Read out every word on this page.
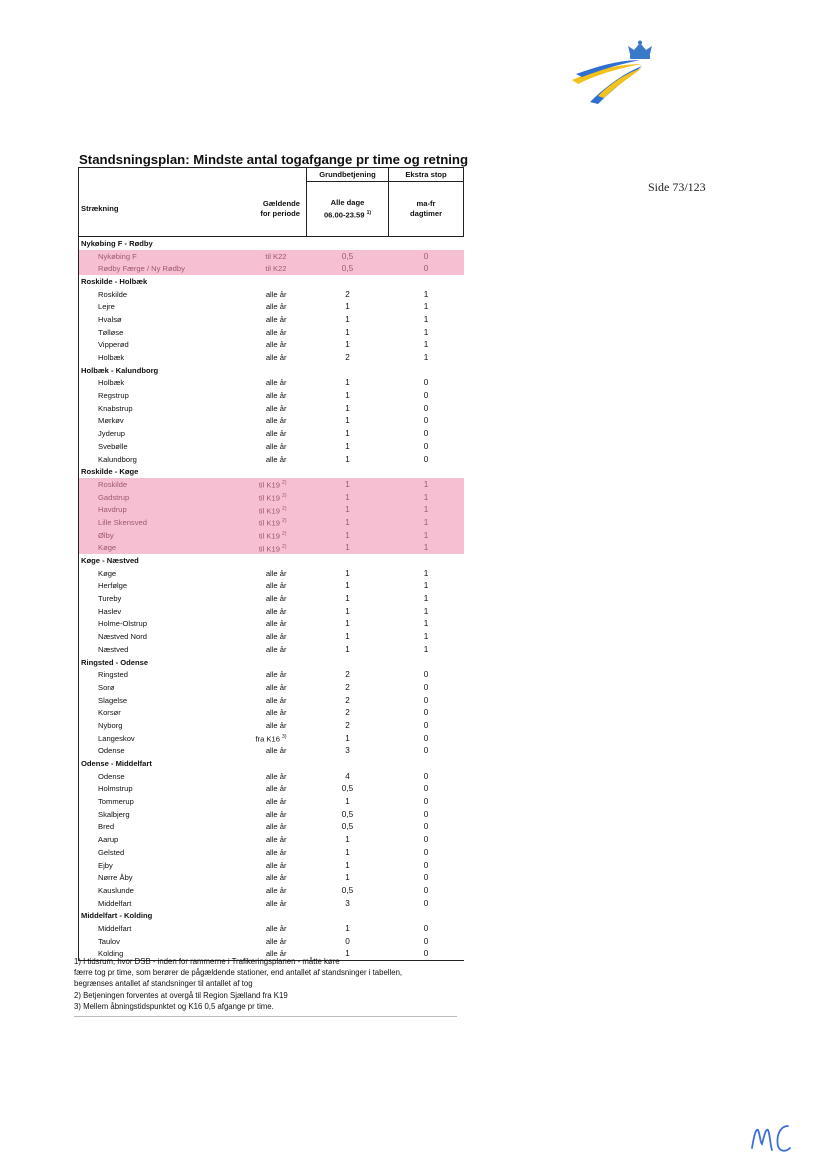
Side 73/123
Standsningsplan: Mindste antal togafgange pr time og retning
		Grundbetjening	Ekstra stop
Strækning	Gældende
for periode	Alle dage
06.00-23.59 $^{1)}$	ma-fr
dagtimer
Nykøbing F - Rødby			
Nykøbing F	til K22	0,5	0
Rødby Færge / Ny Rødby	til K22	0,5	0
Roskilde - Holbæk			
Roskilde	alle år	2	1
Lejre	alle år	1	1
Hvalsø	alle år	1	1
Tølløse	alle år	1	1
Vipperød	alle år	1	1
Holbæk	alle år	2	1
Holbæk - Kalundborg			
Holbæk	alle år	1	0
Regstrup	alle år	1	0
Knabstrup	alle år	1	0
Mørkøv	alle år	1	0
Jyderup	alle år	1	0
Svebølle	alle år	1	0
Kalundborg	alle år	1	0
Roskilde - Køge			
Roskilde	til K19 $^{2)}$	1	1
Gadstrup	til K19 $^{2)}$	1	1
Havdrup	til K19 $^{2)}$	1	1
Lille Skensved	til K19 $^{2)}$	1	1
Ølby	til K19 $^{2)}$	1	1
Køge	til K19 $^{2)}$	1	1
Køge - Næstved			
Køge	alle år	1	1
Herfølge	alle år	1	1
Tureby	alle år	1	1
Haslev	alle år	1	1
Holme-Olstrup	alle år	1	1
Næstved Nord	alle år	1	1
Næstved	alle år	1	1
Ringsted - Odense			
Ringsted	alle år	2	0
Sorø	alle år	2	0
Slagelse	alle år	2	0
Korsør	alle år	2	0
Nyborg	alle år	2	0
Langeskov	fra K16 $^{3)}$	1	0
Odense	alle år	3	0
Odense - Middelfart			
Odense	alle år	4	0
Holmstrup	alle år	0,5	0
Tommerup	alle år	1	0
Skalbjerg	alle år	0,5	0
Bred	alle år	0,5	0
Aarup	alle år	1	0
Gelsted	alle år	1	0
Ejby	alle år	1	0
Nørre Åby	alle år	1	0
Kauslunde	alle år	0,5	0
Middelfart	alle år	3	0
Middelfart - Kolding			
Middelfart	alle år	1	0
Taulov	alle år	0	0
Kolding	alle år	1	0

1) I tidsrum, hvor DSB - inden for rammerne i Trafikeringsplanen - måtte køre

færre tog pr time, som berører de pågældende stationer, end antallet af standsninger i tabellen,

begrænses antallet af standsninger til antallet af tog

2) Betjeningen forventes at overgå til Region Sjælland fra K19

3) Mellem åbningstidspunktet og K16 0,5 afgange pr time.
